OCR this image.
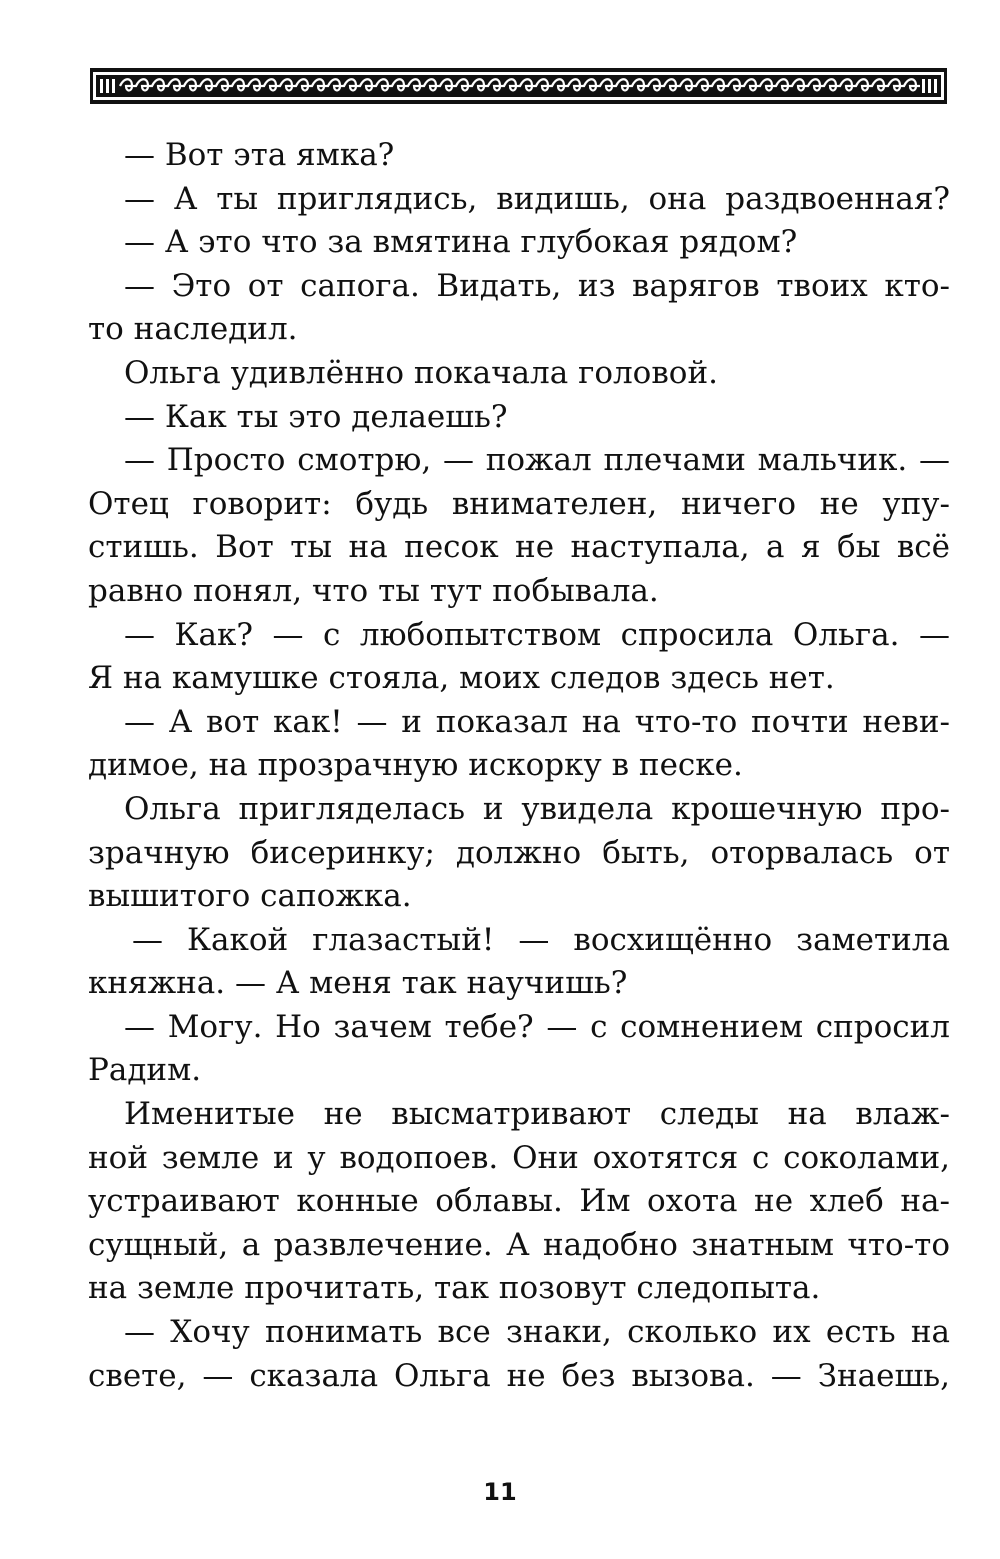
— Вот эта ямка?
— А ты приглядись, видишь, она раздвоенная?
— А это что за вмятина глубокая рядом?
— Это от сапога. Видать, из варягов твоих кто-
то наследил.
Ольга удивлённо покачала головой.
— Как ты это делаешь?
— Просто смотрю, — пожал плечами мальчик. —
Отец говорит: будь внимателен, ничего не упу-
стишь. Вот ты на песок не наступала, а я бы всё
равно понял, что ты тут побывала.
— Как? — с любопытством спросила Ольга. —
Я на камушке стояла, моих следов здесь нет.
— А вот как! — и показал на что-то почти неви-
димое, на прозрачную искорку в песке.
Ольга пригляделась и увидела крошечную про-
зрачную бисеринку; должно быть, оторвалась от
вышитого сапожка.
— Какой глазастый! — восхищённо заметила
княжна. — А меня так научишь?
— Могу. Но зачем тебе? — с сомнением спросил
Радим.
Именитые не высматривают следы на влаж-
ной земле и у водопоев. Они охотятся с соколами,
устраивают конные облавы. Им охота не хлеб на-
сущный, а развлечение. А надобно знатным что-то
на земле прочитать, так позовут следопыта.
— Хочу понимать все знаки, сколько их есть на
свете, — сказала Ольга не без вызова. — Знаешь,
11
